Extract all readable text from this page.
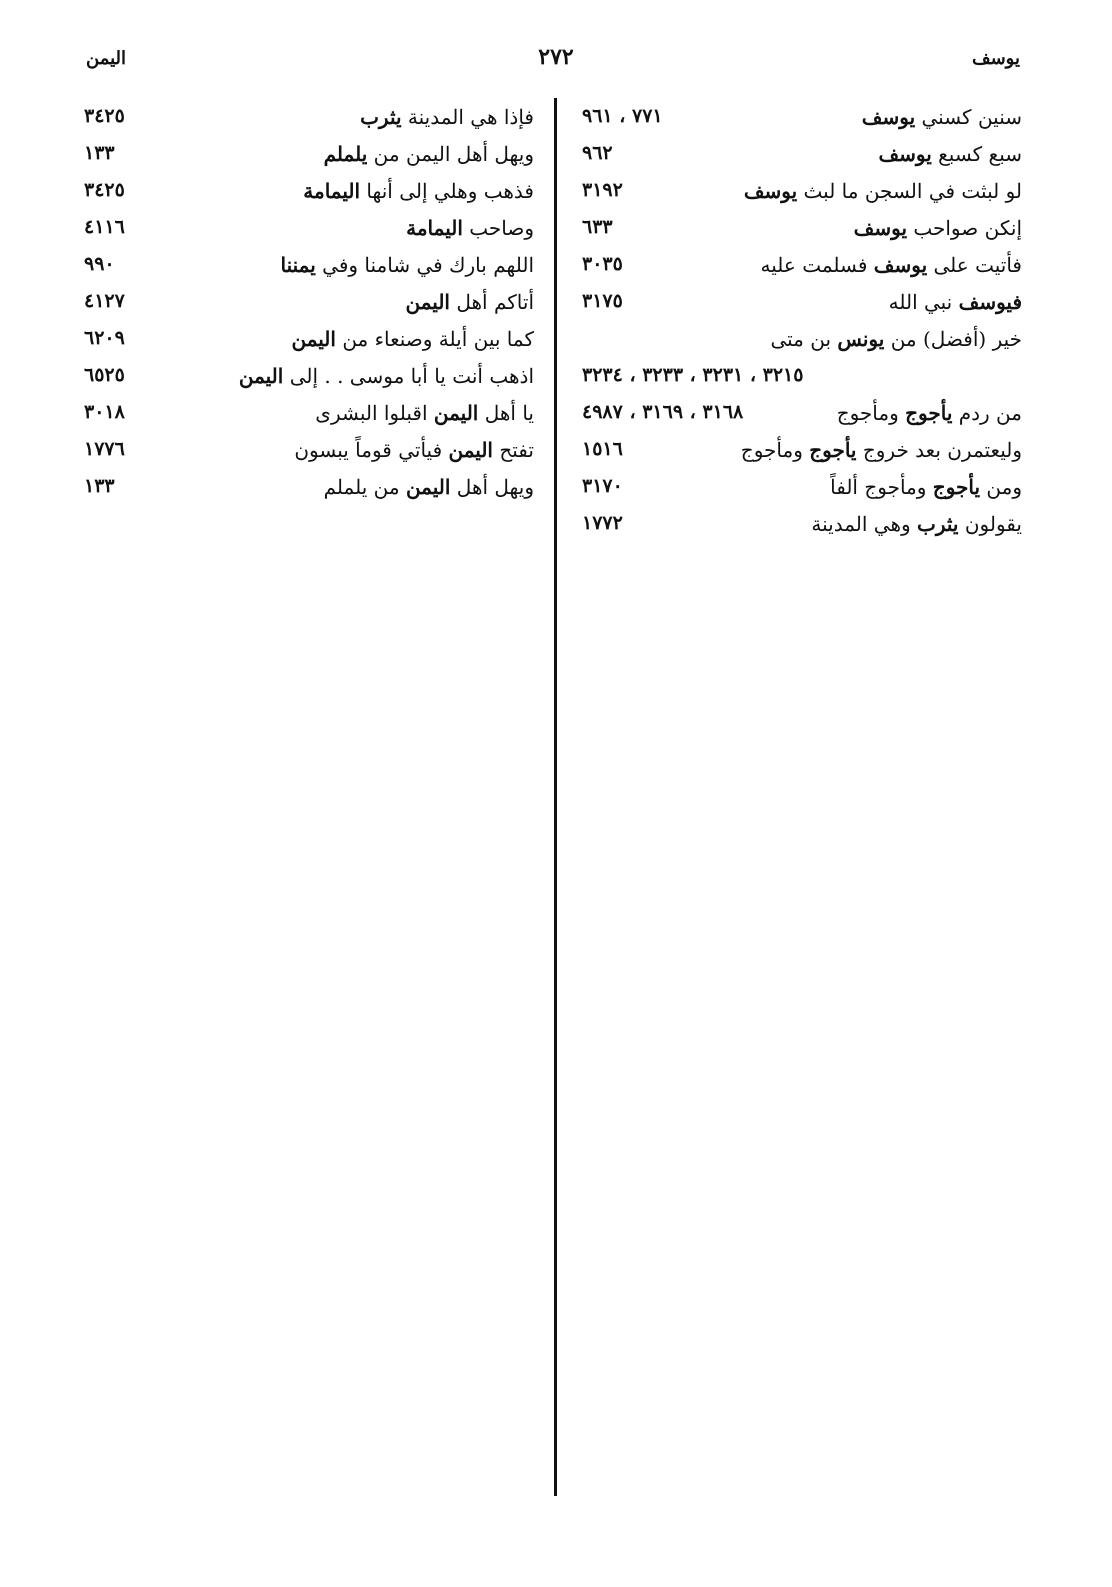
يوسف
٢٧٢
اليمن
سنين كسني يوسف
٧٧١ ، ٩٦١
سبع كسبع يوسف
٩٦٢
لو لبثت في السجن ما لبث يوسف
٣١٩٢
إنكن صواحب يوسف
٦٣٣
فأتيت على يوسف فسلمت عليه
٣٠٣٥
فيوسف نبي الله
٣١٧٥
خير (أفضل) من يونس بن متى
٣٢١٥ ، ٣٢٣١ ، ٣٢٣٣ ، ٣٢٣٤
من ردم يأجوج ومأجوج
٣١٦٨ ، ٣١٦٩ ، ٤٩٨٧
وليعتمرن بعد خروج يأجوج ومأجوج
١٥١٦
ومن يأجوج ومأجوج ألفاً
٣١٧٠
يقولون يثرب وهي المدينة
١٧٧٢
فإذا هي المدينة يثرب
٣٤٢٥
ويهل أهل اليمن من يلملم
١٣٣
فذهب وهلي إلى أنها اليمامة
٣٤٢٥
وصاحب اليمامة
٤١١٦
اللهم بارك في شامنا وفي يمننا
٩٩٠
أتاكم أهل اليمن
٤١٢٧
كما بين أيلة وصنعاء من اليمن
٦٢٠٩
اذهب أنت يا أبا موسى . . إلى اليمن
٦٥٢٥
يا أهل اليمن اقبلوا البشرى
٣٠١٨
تفتح اليمن فيأتي قوماً يبسون
١٧٧٦
ويهل أهل اليمن من يلملم
١٣٣
